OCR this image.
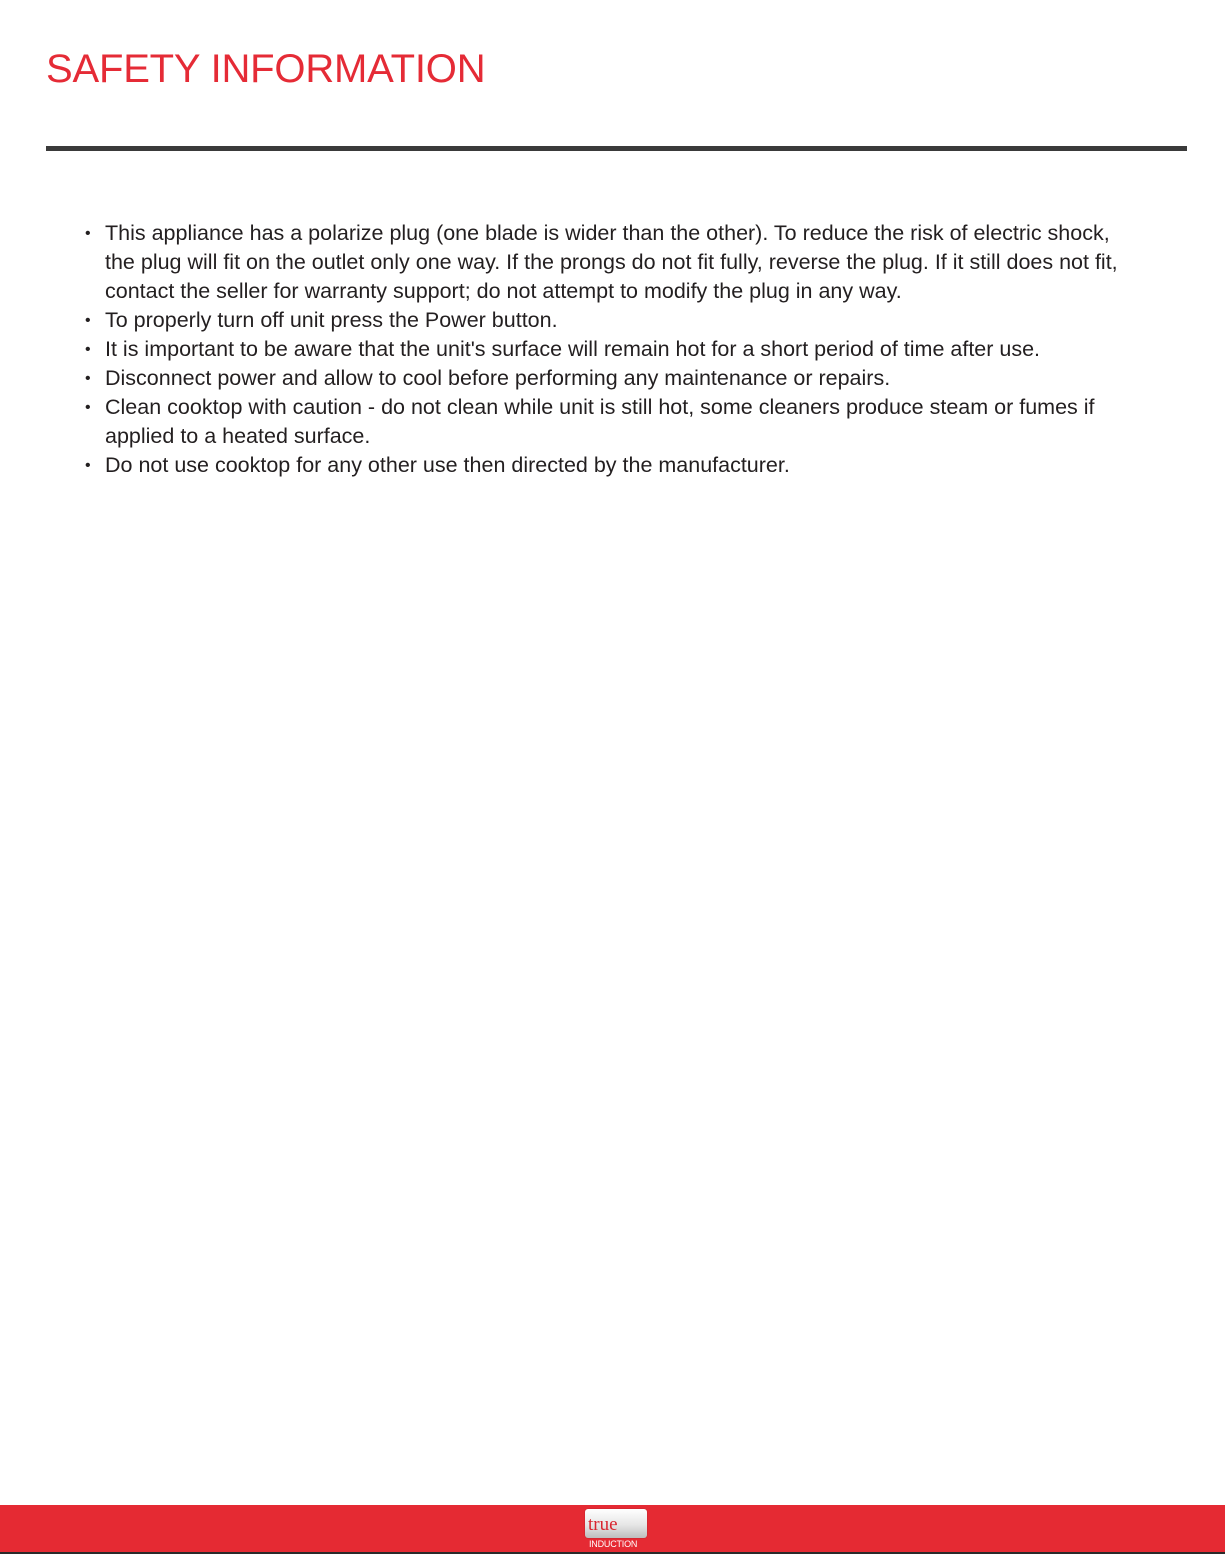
SAFETY INFORMATION
• This appliance has a polarize plug (one blade is wider than the other). To reduce the risk of electric shock, the plug will fit on the outlet only one way. If the prongs do not fit fully, reverse the plug. If it still does not fit, contact the seller for warranty support; do not attempt to modify the plug in any way.
• To properly turn off unit press the Power button.
• It is important to be aware that the unit's surface will remain hot for a short period of time after use.
• Disconnect power and allow to cool before performing any maintenance or repairs.
• Clean cooktop with caution - do not clean while unit is still hot, some cleaners produce steam or fumes if applied to a heated surface.
• Do not use cooktop for any other use then directed by the manufacturer.
true
INDUCTION
